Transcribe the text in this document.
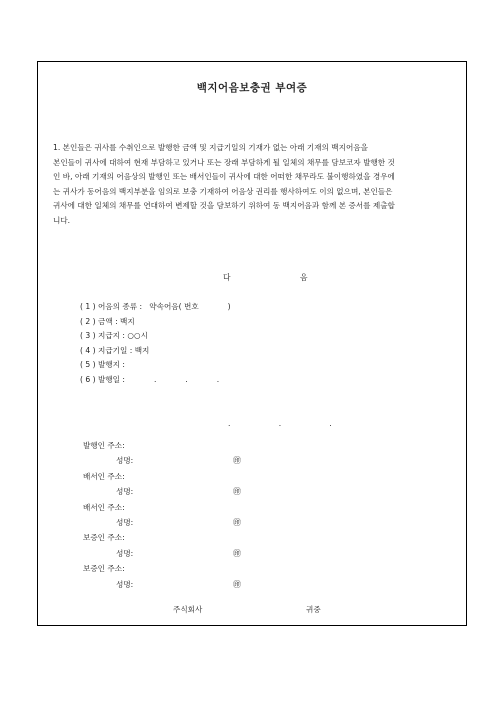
백지어음보충권 부여증

1. 본인들은 귀사를 수취인으로 발행한 금액 및 지급기일의 기재가 없는 아래 기재의 백지어음을

본인들이 귀사에 대하여 현재 부담하고 있거나 또는 장래 부담하게 될 일체의 채무를 담보코자 발행한 것

인 바, 아래 기재의 어음상의 발행인 또는 배서인들이 귀사에 대한 어떠한 채무라도 불이행하였을 경우에

는 귀사가 동어음의 백지부분을 임의로 보충 기재하여 어음상 권리를 행사하여도 이의 없으며, 본인들은

귀사에 대한 일체의 채무를 연대하여 변제할 것을 담보하기 위하여 동 백지어음과 함께 본 증서를 제출합

니다.

다	음
( 1 ) 어음의 종류 :   약속어음( 번호            )
( 2 ) 금액 : 백지
( 3 ) 지급지 : ○○시
( 4 ) 지급기일 : 백지
( 5 ) 발행지 :
( 6 ) 발행일 :            .            .            .

.                    .                    .

발행인 주소:
성명:	㊞
배서인 주소:
성명:	㊞
배서인 주소:
성명:	㊞
보증인 주소:
성명:	㊞
보증인 주소:
성명:	㊞
주식회사	귀중
